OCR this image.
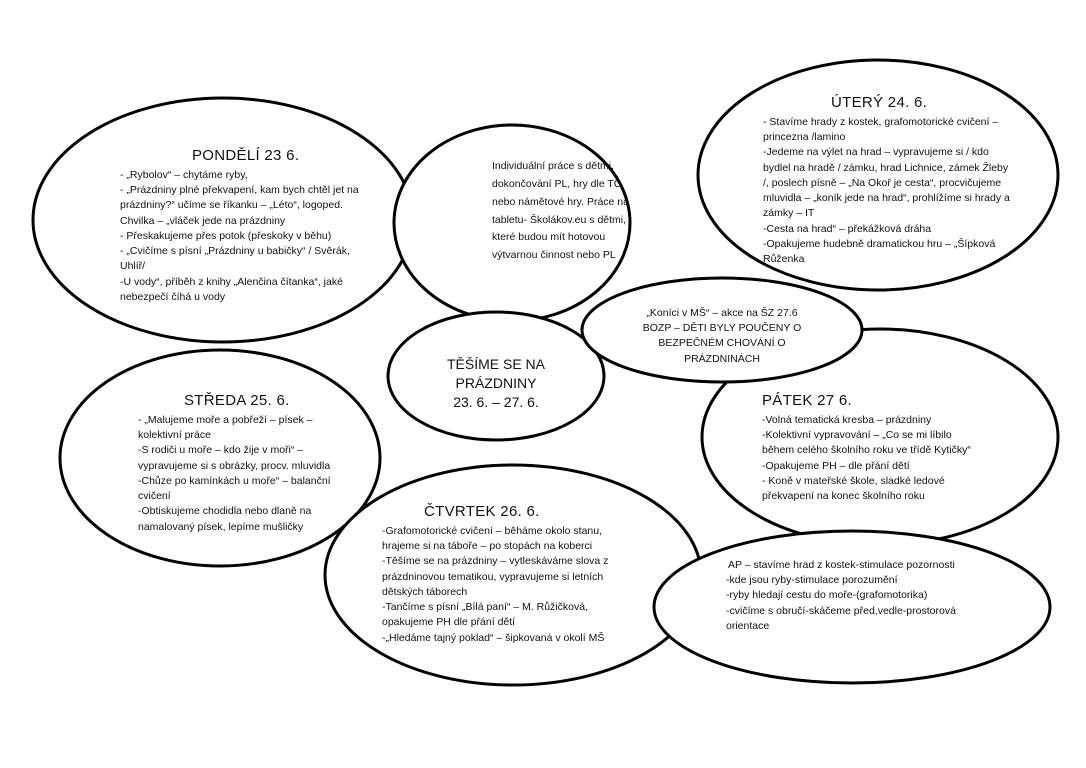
PONDĚLÍ 23 6.

- „Rybolov“ – chytáme ryby,

- „Prázdniny plné překvapení, kam bych chtěl jet na prázdniny?“ učíme se říkanku – „Léto“, logoped. Chvilka – „vláček jede na prázdniny

- Přeskakujeme přes potok (přeskoky v běhu)

- „Cvičíme s písní „Prázdniny u babičky“ / Svěrák, Uhlíř/

-U vody“, příběh z knihy „Alenčina čítanka“, jaké nebezpečí číhá u vody

Individuální práce s dětmi, dokončování PL, hry dle TC nebo námětové hry. Práce na tabletu- Školákov.eu s dětmi, které budou mít hotovou výtvarnou činnost nebo PL

ÚTERÝ 24. 6.

- Stavíme hrady z kostek, grafomotorické cvičení – princezna /lamino

-Jedeme na výlet na hrad – vypravujeme si / kdo bydlel na hradě / zámku, hrad Lichnice, zámek Žleby /, poslech písně – „Na Okoř je cesta“, procvičujeme mluvidla – „koník jede na hrad“, prohlížíme si hrady a zámky – IT

-Cesta na hrad“ – překážková dráha

-Opakujeme hudebně dramatickou hru – „Šípková Růženka

„Koníci v MŠ“ – akce na ŠZ 27.6

BOZP – DĚTI BYLY POUČENY O BEZPEČNÉM CHOVÁNÍ O PRÁZDNINÁCH

TĚŠÍME SE NA

PRÁZDNINY

23. 6. – 27. 6.

STŘEDA 25. 6.

- „Malujeme moře a pobřeží – písek – kolektivní práce

-S rodiči u moře – kdo žije v moři“ – vypravujeme si s obrázky, procv. mluvidla

-Chůze po kamínkách u moře“ – balanční cvičení

-Obtiskujeme chodidla nebo dlaně na namalovaný písek, lepíme mušličky

PÁTEK 27 6.

-Volná tematická kresba – prázdniny

-Kolektivní vypravování – „Co se mi líbilo během celého školního roku ve třídě Kytičky“

-Opakujeme PH – dle přání dětí

- Koně v mateřské škole, sladké ledové překvapení na konec školního roku

ČTVRTEK 26. 6.

-Grafomotorické cvičení – běháme okolo stanu, hrajeme si na táboře – po stopách na koberci

-Těšíme se na prázdniny – vytleskáváme slova z prázdninovou tematikou, vypravujeme si letních dětských táborech

-Tančíme s písní „Bílá paní“ – M. Růžičková, opakujeme PH dle přání dětí

-„Hledáme tajný poklad“ – šipkovaná v okolí MŠ

AP – stavíme hrad z kostek-stimulace pozornosti

-kde jsou ryby-stimulace porozumění

-ryby hledají cestu do moře-(grafomotorika)

-cvičíme s obručí-skáčeme před,vedle-prostorová orientace
